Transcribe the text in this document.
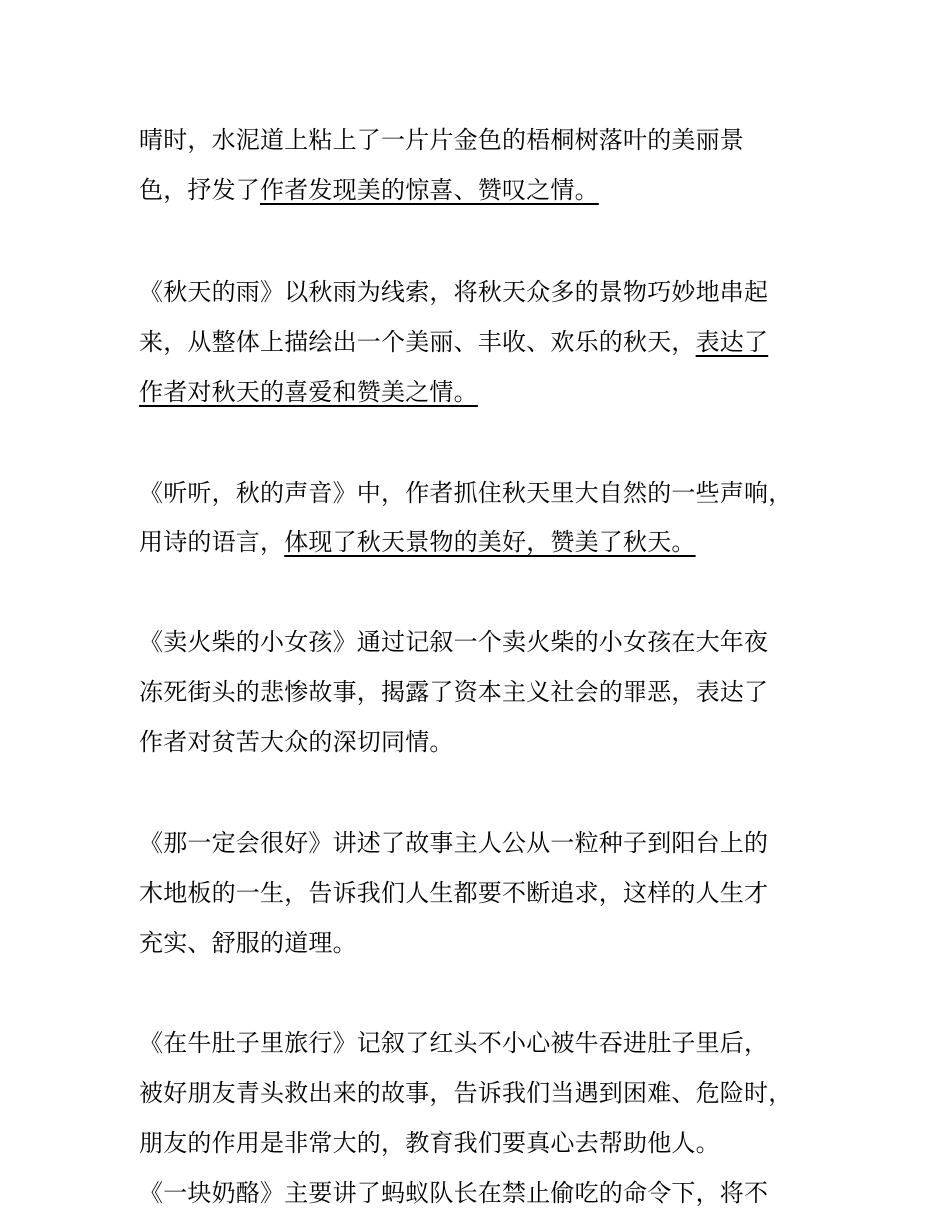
晴时，水泥道上粘上了一片片金色的梧桐树落叶的美丽景
色，抒发了作者发现美的惊喜、赞叹之情。
《秋天的雨》以秋雨为线索，将秋天众多的景物巧妙地串起
来，从整体上描绘出一个美丽、丰收、欢乐的秋天，表达了
作者对秋天的喜爱和赞美之情。
《听听，秋的声音》中，作者抓住秋天里大自然的一些声响，
用诗的语言，体现了秋天景物的美好，赞美了秋天。
《卖火柴的小女孩》通过记叙一个卖火柴的小女孩在大年夜
冻死街头的悲惨故事，揭露了资本主义社会的罪恶，表达了
作者对贫苦大众的深切同情。
《那一定会很好》讲述了故事主人公从一粒种子到阳台上的
木地板的一生，告诉我们人生都要不断追求，这样的人生才
充实、舒服的道理。
《在牛肚子里旅行》记叙了红头不小心被牛吞进肚子里后，
被好朋友青头救出来的故事，告诉我们当遇到困难、危险时，
朋友的作用是非常大的，教育我们要真心去帮助他人。
《一块奶酪》主要讲了蚂蚁队长在禁止偷吃的命令下，将不
